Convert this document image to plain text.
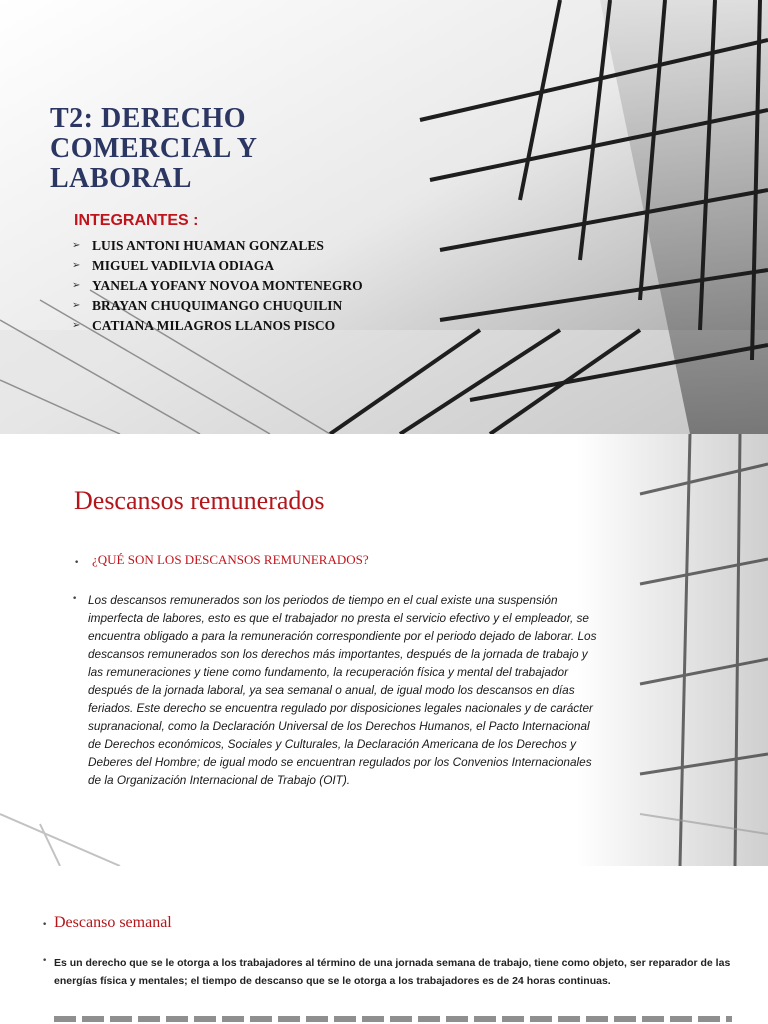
T2: DERECHO
COMERCIAL Y
LABORAL

INTEGRANTES :

➢ LUIS ANTONI HUAMAN GONZALES
➢ MIGUEL VADILVIA ODIAGA
➢ YANELA YOFANY NOVOA MONTENEGRO
➢ BRAYAN CHUQUIMANGO CHUQUILIN
➢ CATIANA MILAGROS LLANOS PISCO
Descansos remunerados
• ¿QUÉ SON LOS DESCANSOS REMUNERADOS?

• Los descansos remunerados son los periodos de tiempo en el cual existe una suspensión imperfecta de labores, esto es que el trabajador no presta el servicio efectivo y el empleador, se encuentra obligado a para la remuneración correspondiente por el periodo dejado de laborar. Los descansos remunerados son los derechos más importantes, después de la jornada de trabajo y las remuneraciones y tiene como fundamento, la recuperación física y mental del trabajador después de la jornada laboral, ya sea semanal o anual, de igual modo los descansos en días feriados. Este derecho se encuentra regulado por disposiciones legales nacionales y de carácter supranacional, como la Declaración Universal de los Derechos Humanos, el Pacto Internacional de Derechos económicos, Sociales y Culturales, la Declaración Americana de los Derechos y Deberes del Hombre; de igual modo se encuentran regulados por los Convenios Internacionales de la Organización Internacional de Trabajo (OIT).

• Descanso semanal

• Es un derecho que se le otorga a los trabajadores al término de una jornada semana de trabajo, tiene como objeto, ser reparador de las energías física y mentales; el tiempo de descanso que se le otorga a los trabajadores es de 24 horas continuas.
